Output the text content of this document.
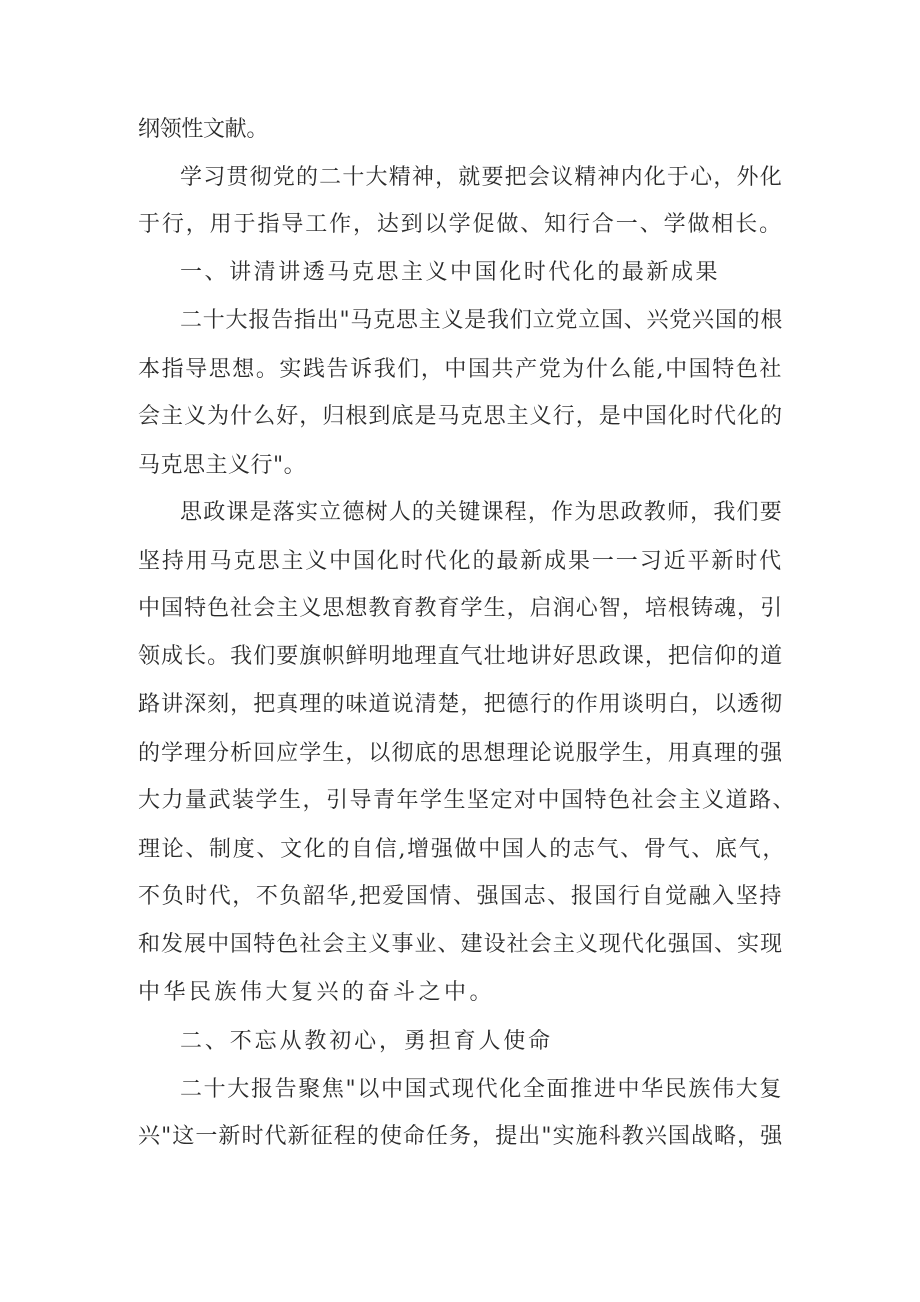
纲领性文献。
学习贯彻党的二十大精神，就要把会议精神内化于心，外化
于行，用于指导工作，达到以学促做、知行合一、学做相长。
一、讲清讲透马克思主义中国化时代化的最新成果
二十大报告指出"马克思主义是我们立党立国、兴党兴国的根
本指导思想。实践告诉我们，中国共产党为什么能,中国特色社
会主义为什么好，归根到底是马克思主义行，是中国化时代化的
马克思主义行"。
思政课是落实立德树人的关键课程，作为思政教师，我们要
坚持用马克思主义中国化时代化的最新成果一一习近平新时代
中国特色社会主义思想教育教育学生，启润心智，培根铸魂，引
领成长。我们要旗帜鲜明地理直气壮地讲好思政课，把信仰的道
路讲深刻，把真理的味道说清楚，把德行的作用谈明白，以透彻
的学理分析回应学生，以彻底的思想理论说服学生，用真理的强
大力量武装学生，引导青年学生坚定对中国特色社会主义道路、
理论、制度、文化的自信,增强做中国人的志气、骨气、底气，
不负时代，不负韶华,把爱国情、强国志、报国行自觉融入坚持
和发展中国特色社会主义事业、建设社会主义现代化强国、实现
中华民族伟大复兴的奋斗之中。
二、不忘从教初心，勇担育人使命
二十大报告聚焦"以中国式现代化全面推进中华民族伟大复
兴"这一新时代新征程的使命任务，提出"实施科教兴国战略，强
